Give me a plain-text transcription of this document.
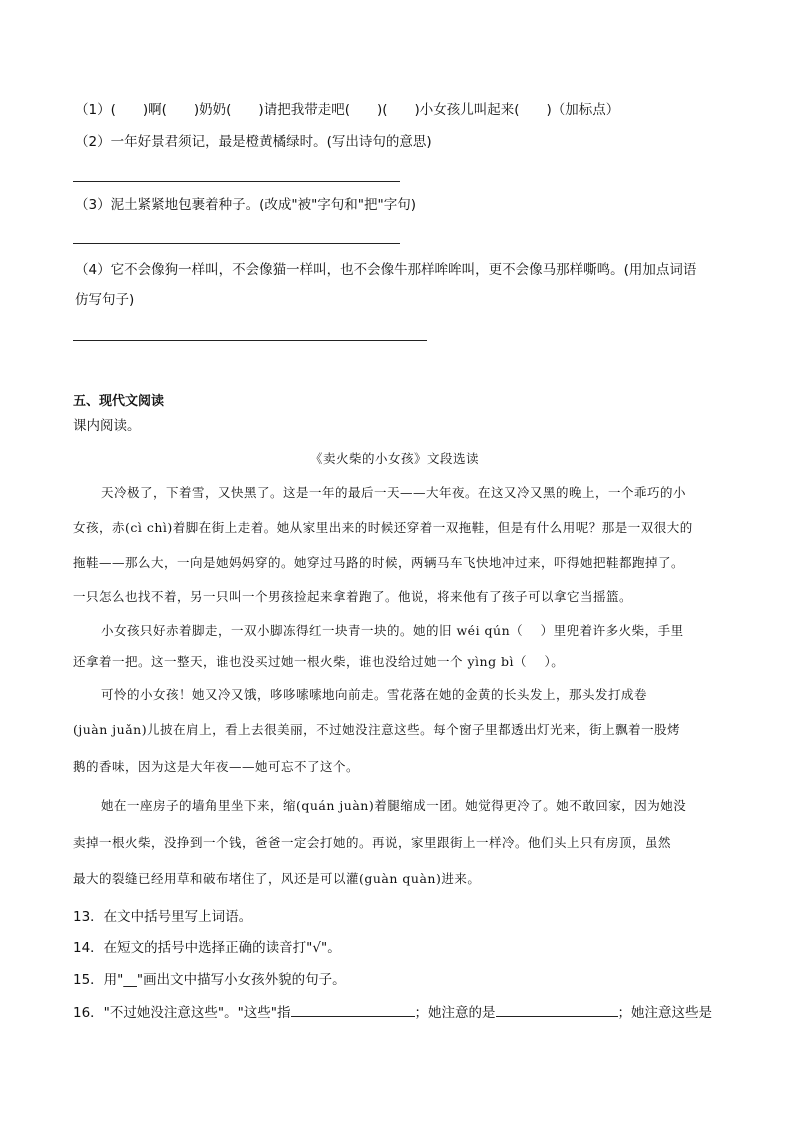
（1）(　　)啊(　　)奶奶(　　)请把我带走吧(　　)(　　)小女孩儿叫起来(　　)（加标点）
（2）一年好景君须记，最是橙黄橘绿时。(写出诗句的意思)
（3）泥土紧紧地包裹着种子。(改成"被"字句和"把"字句)
（4）它不会像狗一样叫，不会像猫一样叫，也不会像牛那样哞哞叫，更不会像马那样嘶鸣。(用加点词语
仿写句子)
五、现代文阅读
课内阅读。
《卖火柴的小女孩》文段选读
天冷极了，下着雪，又快黑了。这是一年的最后一天——大年夜。在这又冷又黑的晚上，一个乖巧的小
女孩，赤(cì chì)着脚在街上走着。她从家里出来的时候还穿着一双拖鞋，但是有什么用呢？那是一双很大的
拖鞋——那么大，一向是她妈妈穿的。她穿过马路的时候，两辆马车飞快地冲过来，吓得她把鞋都跑掉了。
一只怎么也找不着，另一只叫一个男孩捡起来拿着跑了。他说，将来他有了孩子可以拿它当摇篮。
小女孩只好赤着脚走，一双小脚冻得红一块青一块的。她的旧 wéi qún（　 ）里兜着许多火柴，手里
还拿着一把。这一整天，谁也没买过她一根火柴，谁也没给过她一个 yìng bì（　 ）。
可怜的小女孩！她又冷又饿，哆哆嗦嗦地向前走。雪花落在她的金黄的长头发上，那头发打成卷
(juàn juǎn)儿披在肩上，看上去很美丽，不过她没注意这些。每个窗子里都透出灯光来，街上飘着一股烤
鹅的香味，因为这是大年夜——她可忘不了这个。
她在一座房子的墙角里坐下来，缩(quán juàn)着腿缩成一团。她觉得更冷了。她不敢回家，因为她没
卖掉一根火柴，没挣到一个钱，爸爸一定会打她的。再说，家里跟街上一样冷。他们头上只有房顶，虽然
最大的裂缝已经用草和破布堵住了，风还是可以灌(guàn quàn)进来。
13．在文中括号里写上词语。
14．在短文的括号中选择正确的读音打"√"。
15．用"__"画出文中描写小女孩外貌的句子。
16．"不过她没注意这些"。"这些"指	；她注意的是	；她注意这些是
